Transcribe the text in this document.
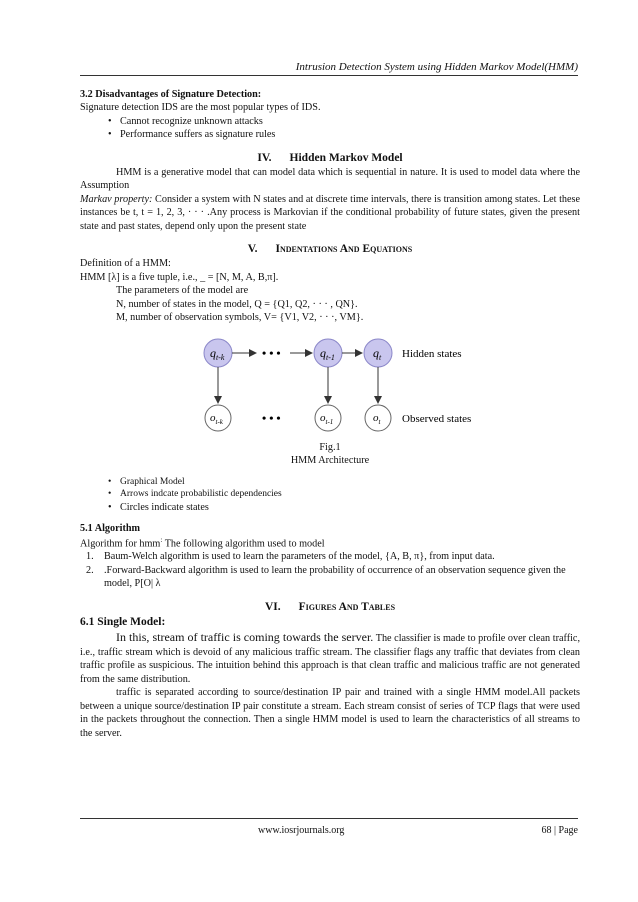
Intrusion Detection System using Hidden Markov Model(HMM)

3.2 Disadvantages of Signature Detection:

Signature detection IDS are the most popular types of IDS.

• Cannot recognize unknown attacks
• Performance suffers as signature rules
IV. Hidden Markov Model

HMM is a generative model that can model data which is sequential in nature. It is used to model data where the Assumption

Markav property: Consider a system with N states and at discrete time intervals, there is transition among states. Let these instances be t, t = 1, 2, 3, · · · .Any process is Markovian if the conditional probability of future states, given the present state and past states, depend only upon the present state

V. Indentations And Equations

Definition of a HMM:

HMM [λ] is a five tuple, i.e., _ = [N, M, A, B,π].

The parameters of the model are

N, number of states in the model, Q = {Q1, Q2, · · · , QN}.

M, number of observation symbols, V= {V1, V2, · · ·, VM}.

$q_{t-k}$	$q_{t-1}$	$q_t$
$o_{t-k}$	$o_{t-1}$	$o_t$
• • •
• • •
Hidden states
Observed states

Fig.1

HMM Architecture

• Graphical Model
• Arrows indcate probabilistic dependencies
• Circles indicate states

5.1 Algorithm

Algorithm for hmm: The following algorithm used to model

1. Baum-Welch algorithm is used to learn the parameters of the model, {A, B, π}, from input data.
2. .Forward-Backward algorithm is used to learn the probability of occurrence of an observation sequence given the model, P[O| λ
VI. Figures And Tables

6.1 Single Model:

In this, stream of traffic is coming towards the server. The classifier is made to profile over clean traffic, i.e., traffic stream which is devoid of any malicious traffic stream. The classifier flags any traffic that deviates from clean traffic profile as suspicious. The intuition behind this approach is that clean traffic and malicious traffic are not generated from the same distribution.

traffic is separated according to source/destination IP pair and trained with a single HMM model.All packets between a unique source/destination IP pair constitute a stream. Each stream consist of series of TCP flags that were used in the packets throughout the connection. Then a single HMM model is used to learn the characteristics of all streams to the server.

www.iosrjournals.org	68 | Page
